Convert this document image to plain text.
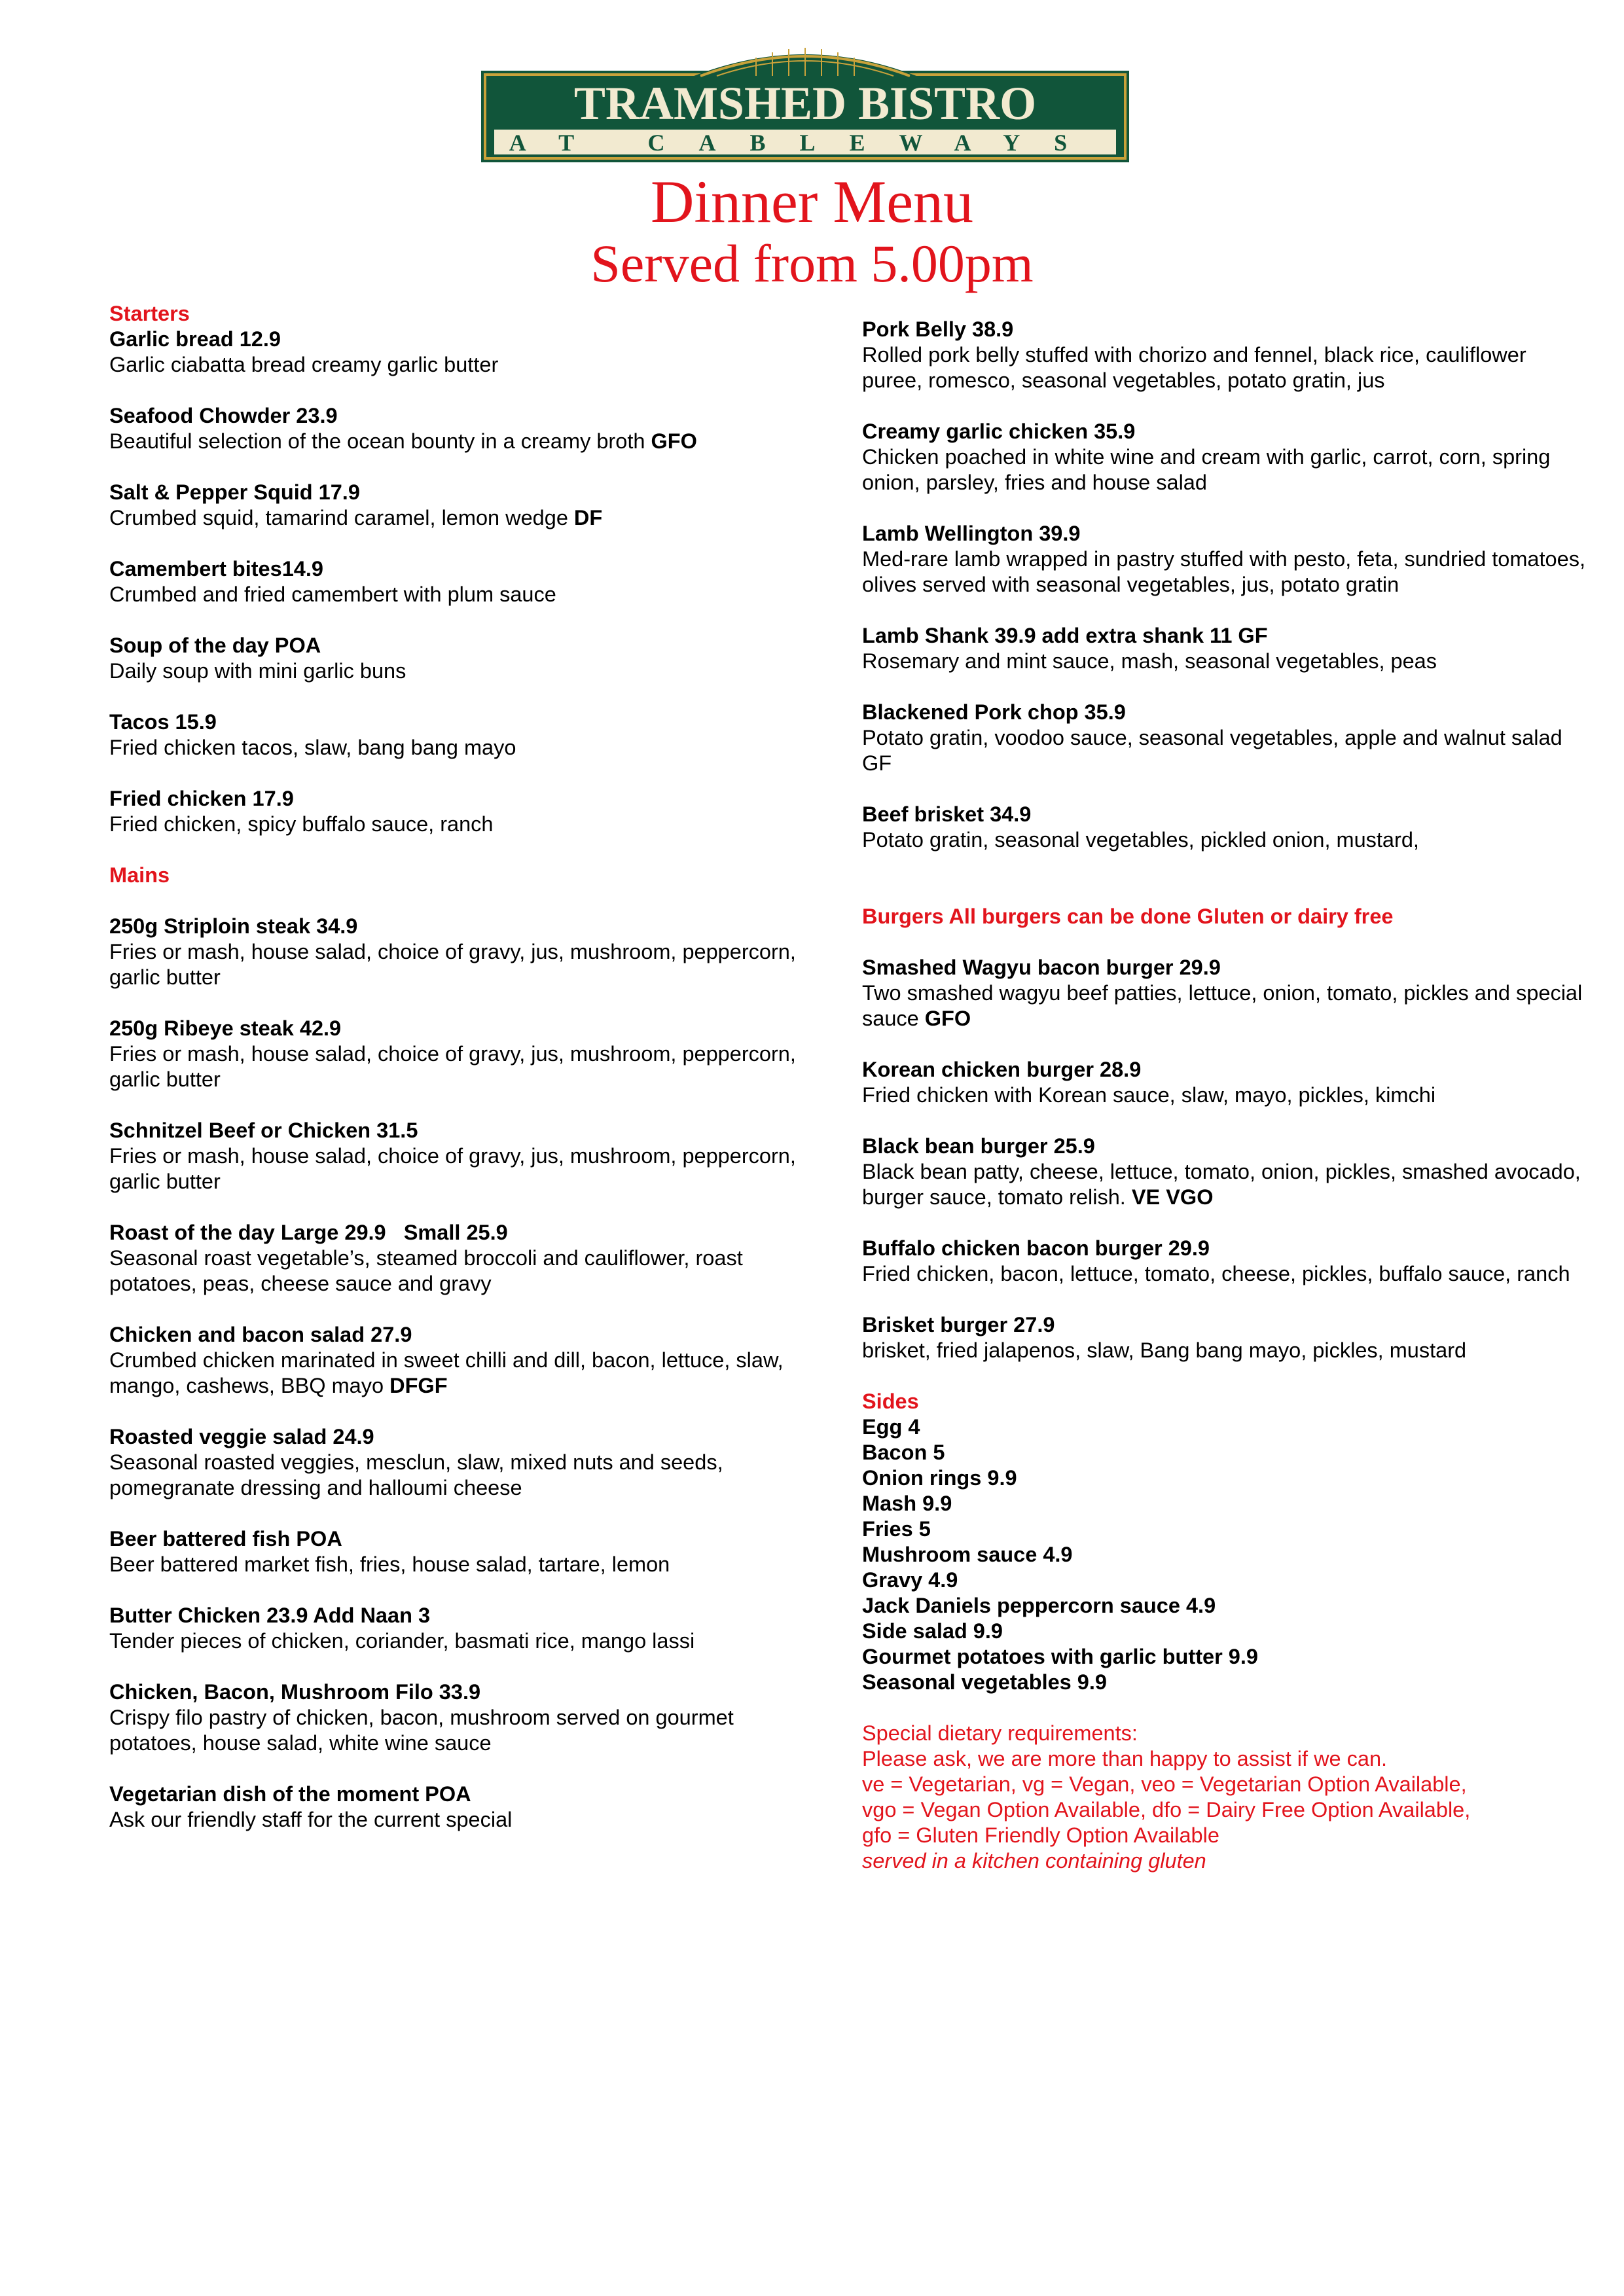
TRAMSHED BISTRO
AT CABLEWAYS
Dinner Menu
Served from 5.00pm
Starters
Garlic bread 12.9
Garlic ciabatta bread creamy garlic butter
Seafood Chowder 23.9
Beautiful selection of the ocean bounty in a creamy broth GFO
Salt & Pepper Squid 17.9
Crumbed squid, tamarind caramel, lemon wedge DF
Camembert bites14.9
Crumbed and fried camembert with plum sauce
Soup of the day POA
Daily soup with mini garlic buns
Tacos 15.9
Fried chicken tacos, slaw, bang bang mayo
Fried chicken 17.9
Fried chicken, spicy buffalo sauce, ranch
Mains
250g Striploin steak 34.9
Fries or mash, house salad, choice of gravy, jus, mushroom, peppercorn, garlic butter
250g Ribeye steak 42.9
Fries or mash, house salad, choice of gravy, jus, mushroom, peppercorn, garlic butter
Schnitzel Beef or Chicken 31.5
Fries or mash, house salad, choice of gravy, jus, mushroom, peppercorn, garlic butter
Roast of the day Large 29.9   Small 25.9
Seasonal roast vegetable’s, steamed broccoli and cauliflower, roast potatoes, peas, cheese sauce and gravy
Chicken and bacon salad 27.9
Crumbed chicken marinated in sweet chilli and dill, bacon, lettuce, slaw, mango, cashews, BBQ mayo DFGF
Roasted veggie salad 24.9
Seasonal roasted veggies, mesclun, slaw, mixed nuts and seeds, pomegranate dressing and halloumi cheese
Beer battered fish POA
Beer battered market fish, fries, house salad, tartare, lemon
Butter Chicken 23.9 Add Naan 3
Tender pieces of chicken, coriander, basmati rice, mango lassi
Chicken, Bacon, Mushroom Filo 33.9
Crispy filo pastry of chicken, bacon, mushroom served on gourmet potatoes, house salad, white wine sauce
Vegetarian dish of the moment POA
Ask our friendly staff for the current special
Pork Belly 38.9
Rolled pork belly stuffed with chorizo and fennel, black rice, cauliflower puree, romesco, seasonal vegetables, potato gratin, jus
Creamy garlic chicken 35.9
Chicken poached in white wine and cream with garlic, carrot, corn, spring onion, parsley, fries and house salad
Lamb Wellington 39.9
Med-rare lamb wrapped in pastry stuffed with pesto, feta, sundried tomatoes, olives served with seasonal vegetables, jus, potato gratin
Lamb Shank 39.9 add extra shank 11 GF
Rosemary and mint sauce, mash, seasonal vegetables, peas
Blackened Pork chop 35.9
Potato gratin, voodoo sauce, seasonal vegetables, apple and walnut salad GF
Beef brisket 34.9
Potato gratin, seasonal vegetables, pickled onion, mustard,
Burgers All burgers can be done Gluten or dairy free
Smashed Wagyu bacon burger 29.9
Two smashed wagyu beef patties, lettuce, onion, tomato, pickles and special sauce GFO
Korean chicken burger 28.9
Fried chicken with Korean sauce, slaw, mayo, pickles, kimchi
Black bean burger 25.9
Black bean patty, cheese, lettuce, tomato, onion, pickles, smashed avocado, burger sauce, tomato relish. VE VGO
Buffalo chicken bacon burger 29.9
Fried chicken, bacon, lettuce, tomato, cheese, pickles, buffalo sauce, ranch
Brisket burger 27.9
brisket, fried jalapenos, slaw, Bang bang mayo, pickles, mustard
Sides
Egg 4
Bacon 5
Onion rings 9.9
Mash 9.9
Fries 5
Mushroom sauce 4.9
Gravy 4.9
Jack Daniels peppercorn sauce 4.9
Side salad 9.9
Gourmet potatoes with garlic butter 9.9
Seasonal vegetables 9.9
Special dietary requirements:
Please ask, we are more than happy to assist if we can.
ve = Vegetarian, vg = Vegan, veo = Vegetarian Option Available,
vgo = Vegan Option Available, dfo = Dairy Free Option Available,
gfo = Gluten Friendly Option Available
served in a kitchen containing gluten
